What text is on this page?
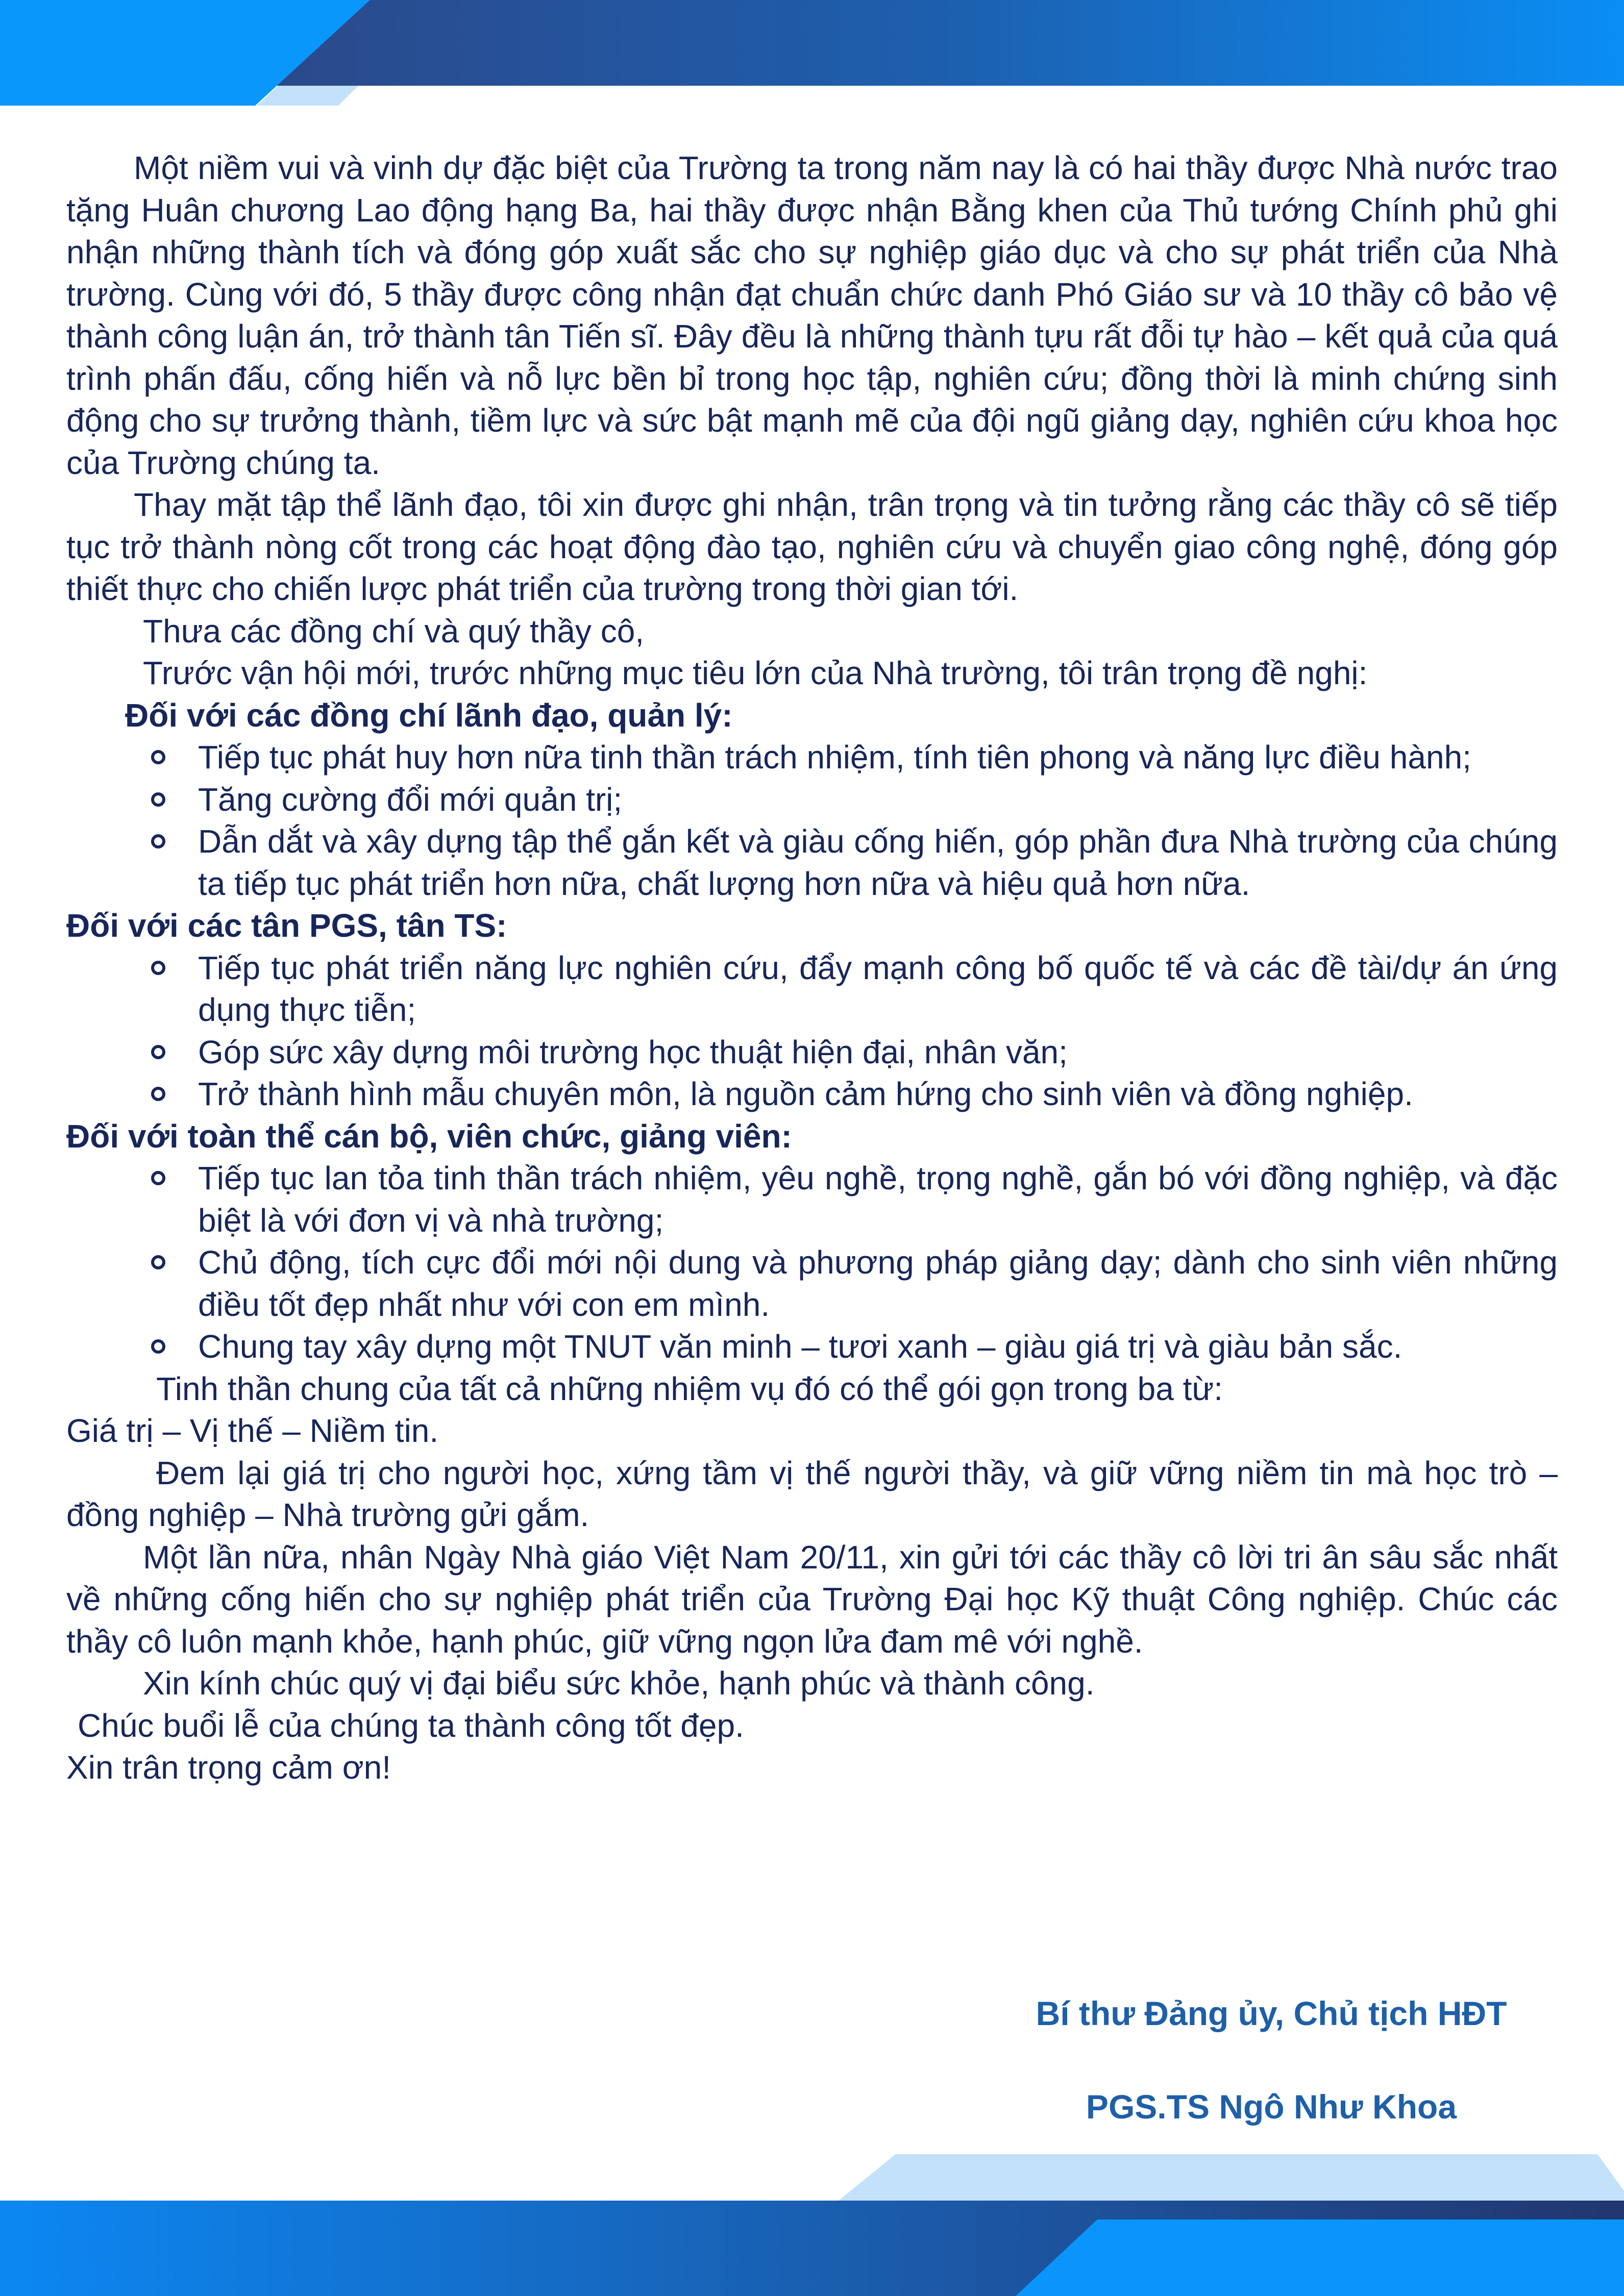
Một niềm vui và vinh dự đặc biệt của Trường ta trong năm nay là có hai thầy được Nhà nước trao tặng Huân chương Lao động hạng Ba, hai thầy được nhận Bằng khen của Thủ tướng Chính phủ ghi nhận những thành tích và đóng góp xuất sắc cho sự nghiệp giáo dục và cho sự phát triển của Nhà trường. Cùng với đó, 5 thầy được công nhận đạt chuẩn chức danh Phó Giáo sư và 10 thầy cô bảo vệ thành công luận án, trở thành tân Tiến sĩ. Đây đều là những thành tựu rất đỗi tự hào – kết quả của quá trình phấn đấu, cống hiến và nỗ lực bền bỉ trong học tập, nghiên cứu; đồng thời là minh chứng sinh động cho sự trưởng thành, tiềm lực và sức bật mạnh mẽ của đội ngũ giảng dạy, nghiên cứu khoa học của Trường chúng ta.

Thay mặt tập thể lãnh đạo, tôi xin được ghi nhận, trân trọng và tin tưởng rằng các thầy cô sẽ tiếp tục trở thành nòng cốt trong các hoạt động đào tạo, nghiên cứu và chuyển giao công nghệ, đóng góp thiết thực cho chiến lược phát triển của trường trong thời gian tới.

Thưa các đồng chí và quý thầy cô,

Trước vận hội mới, trước những mục tiêu lớn của Nhà trường, tôi trân trọng đề nghị:

Đối với các đồng chí lãnh đạo, quản lý:

Tiếp tục phát huy hơn nữa tinh thần trách nhiệm, tính tiên phong và năng lực điều hành;
Tăng cường đổi mới quản trị;
Dẫn dắt và xây dựng tập thể gắn kết và giàu cống hiến, góp phần đưa Nhà trường của chúng ta tiếp tục phát triển hơn nữa, chất lượng hơn nữa và hiệu quả hơn nữa.

Đối với các tân PGS, tân TS:

Tiếp tục phát triển năng lực nghiên cứu, đẩy mạnh công bố quốc tế và các đề tài/dự án ứng dụng thực tiễn;
Góp sức xây dựng môi trường học thuật hiện đại, nhân văn;
Trở thành hình mẫu chuyên môn, là nguồn cảm hứng cho sinh viên và đồng nghiệp.

Đối với toàn thể cán bộ, viên chức, giảng viên:

Tiếp tục lan tỏa tinh thần trách nhiệm, yêu nghề, trọng nghề, gắn bó với đồng nghiệp, và đặc biệt là với đơn vị và nhà trường;
Chủ động, tích cực đổi mới nội dung và phương pháp giảng dạy; dành cho sinh viên những điều tốt đẹp nhất như với con em mình.
Chung tay xây dựng một TNUT văn minh – tươi xanh – giàu giá trị và giàu bản sắc.

Tinh thần chung của tất cả những nhiệm vụ đó có thể gói gọn trong ba từ:

Giá trị – Vị thế – Niềm tin.

Đem lại giá trị cho người học, xứng tầm vị thế người thầy, và giữ vững niềm tin mà học trò – đồng nghiệp – Nhà trường gửi gắm.

Một lần nữa, nhân Ngày Nhà giáo Việt Nam 20/11, xin gửi tới các thầy cô lời tri ân sâu sắc nhất về những cống hiến cho sự nghiệp phát triển của Trường Đại học Kỹ thuật Công nghiệp. Chúc các thầy cô luôn mạnh khỏe, hạnh phúc, giữ vững ngọn lửa đam mê với nghề.

Xin kính chúc quý vị đại biểu sức khỏe, hạnh phúc và thành công.

Chúc buổi lễ của chúng ta thành công tốt đẹp.

Xin trân trọng cảm ơn!

Bí thư Đảng ủy, Chủ tịch HĐT
PGS.TS Ngô Như Khoa
